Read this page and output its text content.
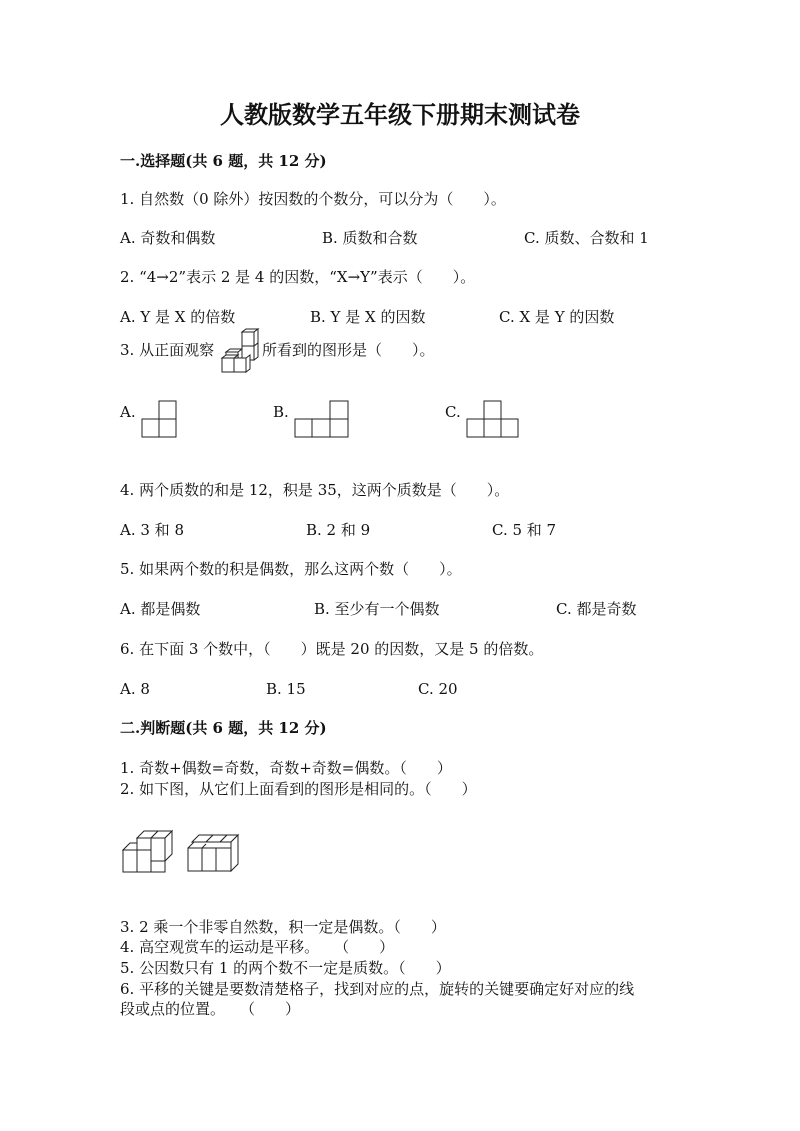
人教版数学五年级下册期末测试卷
一.选择题(共 6 题，共 12 分)
1. 自然数（0 除外）按因数的个数分，可以分为（　　）。
A. 奇数和偶数	B. 质数和合数	C. 质数、合数和 1
2. “4→2”表示 2 是 4 的因数，“X→Y”表示（　　）。
A. Y 是 X 的倍数	B. Y 是 X 的因数	C. X 是 Y 的因数
3. 从正面观察	所看到的图形是（　　）。
A.	B.	C.
4. 两个质数的和是 12，积是 35，这两个质数是（　　）。
A. 3 和 8	B. 2 和 9	C. 5 和 7
5. 如果两个数的积是偶数，那么这两个数（　　）。
A. 都是偶数	B. 至少有一个偶数	C. 都是奇数
6. 在下面 3 个数中，（　　）既是 20 的因数，又是 5 的倍数。
A. 8	B. 15	C. 20
二.判断题(共 6 题，共 12 分)
1. 奇数+偶数=奇数，奇数+奇数=偶数。（　　）
2. 如下图，从它们上面看到的图形是相同的。（　　）
3. 2 乘一个非零自然数，积一定是偶数。（　　）
4. 高空观赏车的运动是平移。　　（　　）
5. 公因数只有 1 的两个数不一定是质数。（　　）
6. 平移的关键是要数清楚格子，找到对应的点，旋转的关键要确定好对应的线
段或点的位置。　　（　　）
